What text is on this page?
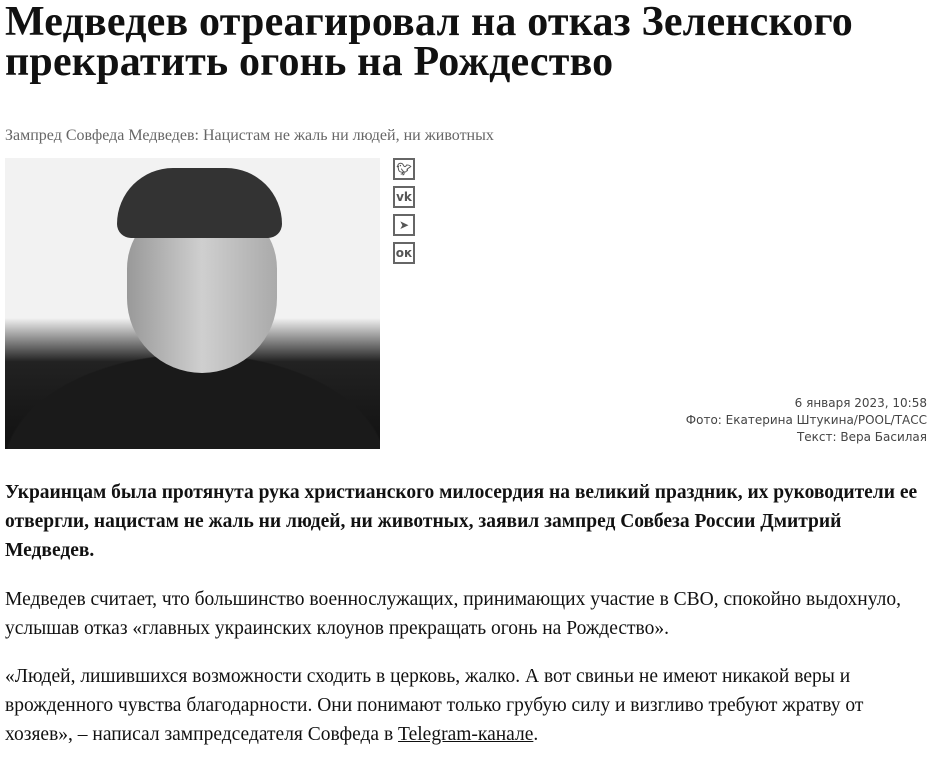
Медведев отреагировал на отказ Зеленского прекратить огонь на Рождество
Зампред Совфеда Медведев: Нацистам не жаль ни людей, ни животных
🐦︎
vk
➤
ок
6 января 2023, 10:58
Фото: Екатерина Штукина/POOL/ТАСС
Текст: Вера Басилая
Украинцам была протянута рука христианского милосердия на великий праздник, их руководители ее отвергли, нацистам не жаль ни людей, ни животных, заявил зампред Совбеза России Дмитрий Медведев.
Медведев считает, что большинство военнослужащих, принимающих участие в СВО, спокойно выдохнуло, услышав отказ «главных украинских клоунов прекращать огонь на Рождество».
«Людей, лишившихся возможности сходить в церковь, жалко. А вот свиньи не имеют никакой веры и врожденного чувства благодарности. Они понимают только грубую силу и визгливо требуют жратву от хозяев», – написал зампредседателя Совфеда в Telegram-канале.
